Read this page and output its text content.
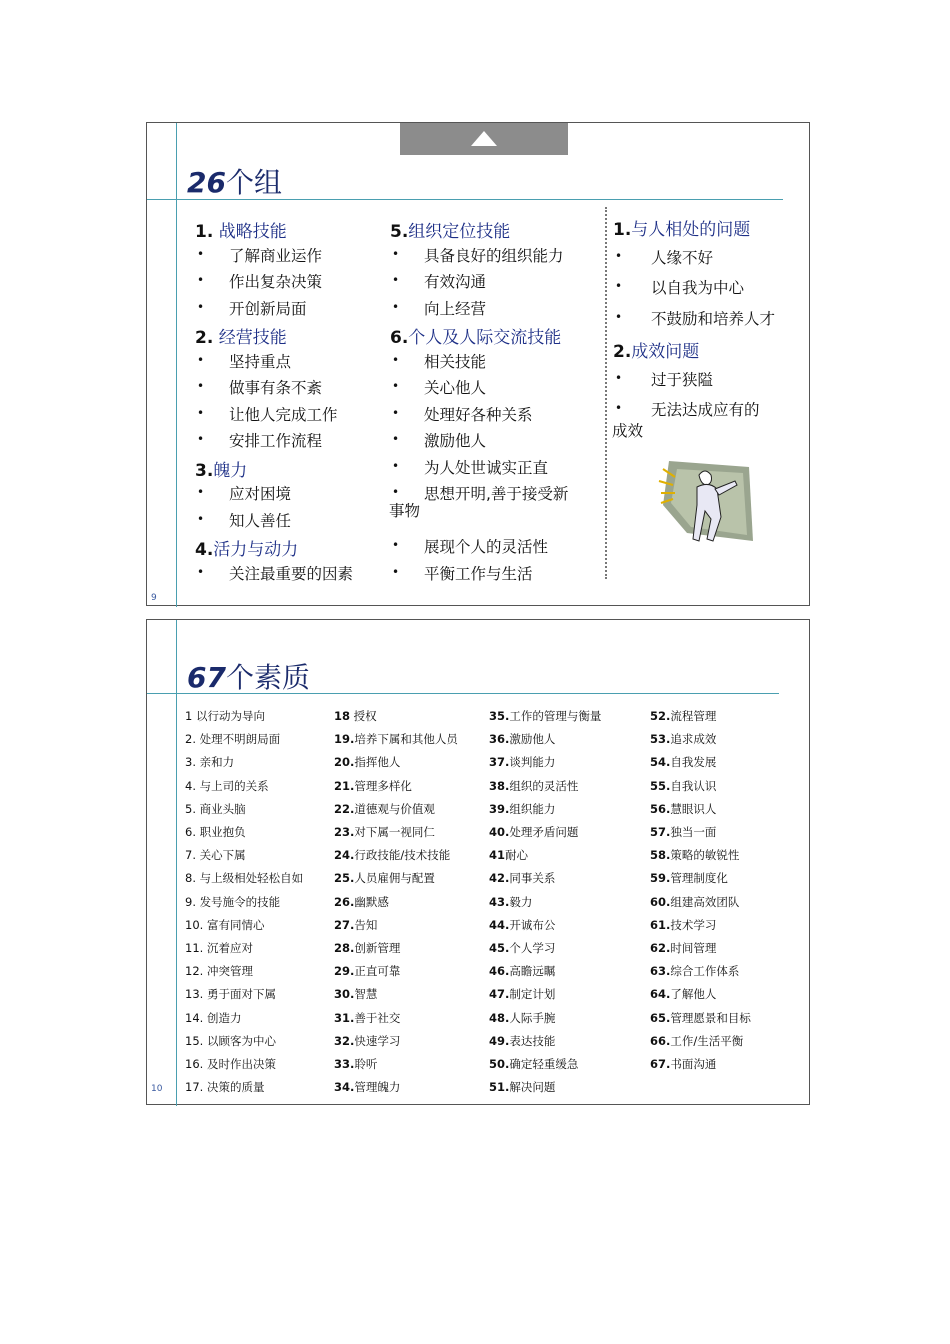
26个组
1. 战略技能
• 了解商业运作
• 作出复杂决策
• 开创新局面
2. 经营技能
• 坚持重点
• 做事有条不紊
• 让他人完成工作
• 安排工作流程
3.魄力
• 应对困境
• 知人善任
4.活力与动力
• 关注最重要的因素
5.组织定位技能
• 具备良好的组织能力
• 有效沟通
• 向上经营
6.个人及人际交流技能
• 相关技能
• 关心他人
• 处理好各种关系
• 激励他人
• 为人处世诚实正直
• 思想开明,善于接受新
事物
• 展现个人的灵活性
• 平衡工作与生活
1.与人相处的问题
• 人缘不好
• 以自我为中心
• 不鼓励和培养人才
2.成效问题
• 过于狭隘
• 无法达成应有的
成效
9
67个素质
1 以行动为导向
2. 处理不明朗局面
3. 亲和力
4. 与上司的关系
5. 商业头脑
6. 职业抱负
7. 关心下属
8. 与上级相处轻松自如
9. 发号施令的技能
10. 富有同情心
11. 沉着应对
12. 冲突管理
13. 勇于面对下属
14. 创造力
15. 以顾客为中心
16. 及时作出决策
17. 决策的质量
18 授权
19.培养下属和其他人员
20.指挥他人
21.管理多样化
22.道德观与价值观
23.对下属一视同仁
24.行政技能/技术技能
25.人员雇佣与配置
26.幽默感
27.告知
28.创新管理
29.正直可靠
30.智慧
31.善于社交
32.快速学习
33.聆听
34.管理魄力
35.工作的管理与衡量
36.激励他人
37.谈判能力
38.组织的灵活性
39.组织能力
40.处理矛盾问题
41耐心
42.同事关系
43.毅力
44.开诚布公
45.个人学习
46.高瞻远瞩
47.制定计划
48.人际手腕
49.表达技能
50.确定轻重缓急
51.解决问题
52.流程管理
53.追求成效
54.自我发展
55.自我认识
56.慧眼识人
57.独当一面
58.策略的敏锐性
59.管理制度化
60.组建高效团队
61.技术学习
62.时间管理
63.综合工作体系
64.了解他人
65.管理愿景和目标
66.工作/生活平衡
67.书面沟通
10
